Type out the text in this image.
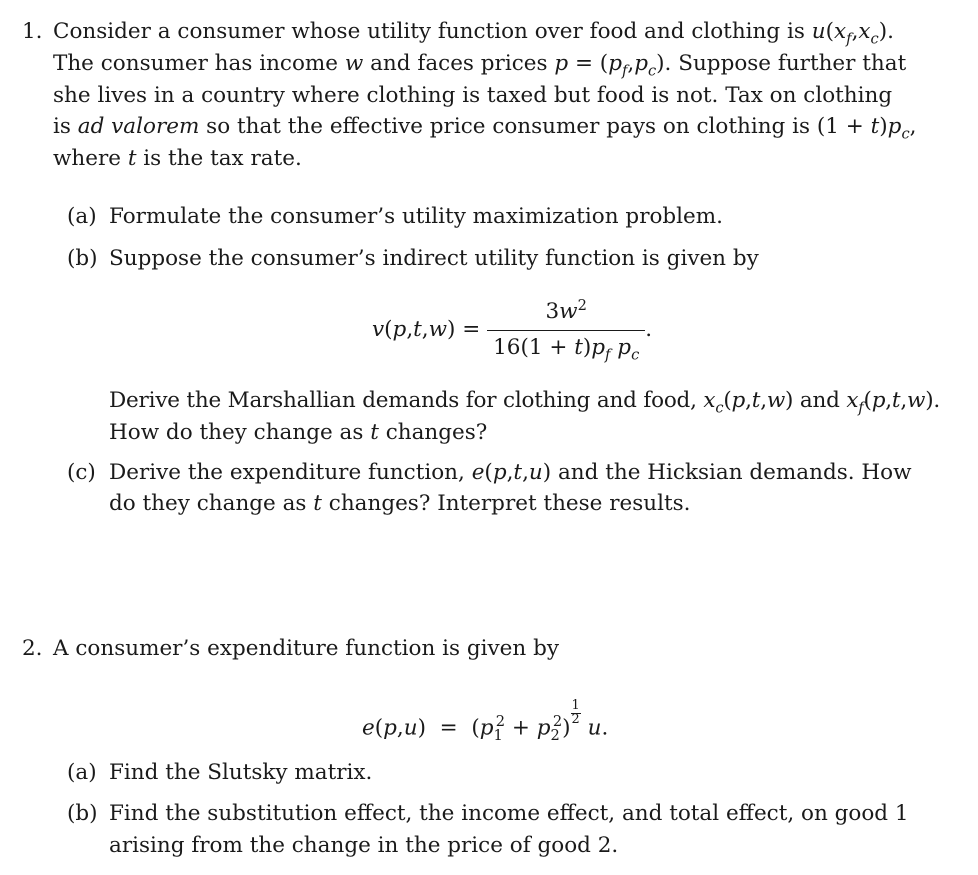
1. Consider a consumer whose utility function over food and clothing is $u(x_f,x_c)$.
The consumer has income w and faces prices $p = (p_f,p_c)$. Suppose further that
she lives in a country where clothing is taxed but food is not. Tax on clothing
is ad valorem so that the effective price consumer pays on clothing is $(1 + t)p_c$,
where t is the tax rate.
(a) Formulate the consumer’s utility maximization problem.
(b) Suppose the consumer’s indirect utility function is given by
$v(p,t,w) = \frac{3w^2}{16(1 + t)p_f p_c}$ .
Derive the Marshallian demands for clothing and food, $x_c(p,t,w)$ and $x_f(p,t,w)$.
How do they change as t changes?
(c) Derive the expenditure function, e(p,t,u) and the Hicksian demands. How
do they change as t changes? Interpret these results.
2. A consumer’s expenditure function is given by
$e(p,u) = (p_1^2 + p_2^2)$
$\frac{1}{2}$
u.
(a) Find the Slutsky matrix.
(b) Find the substitution effect, the income effect, and total effect, on good 1
arising from the change in the price of good 2.
